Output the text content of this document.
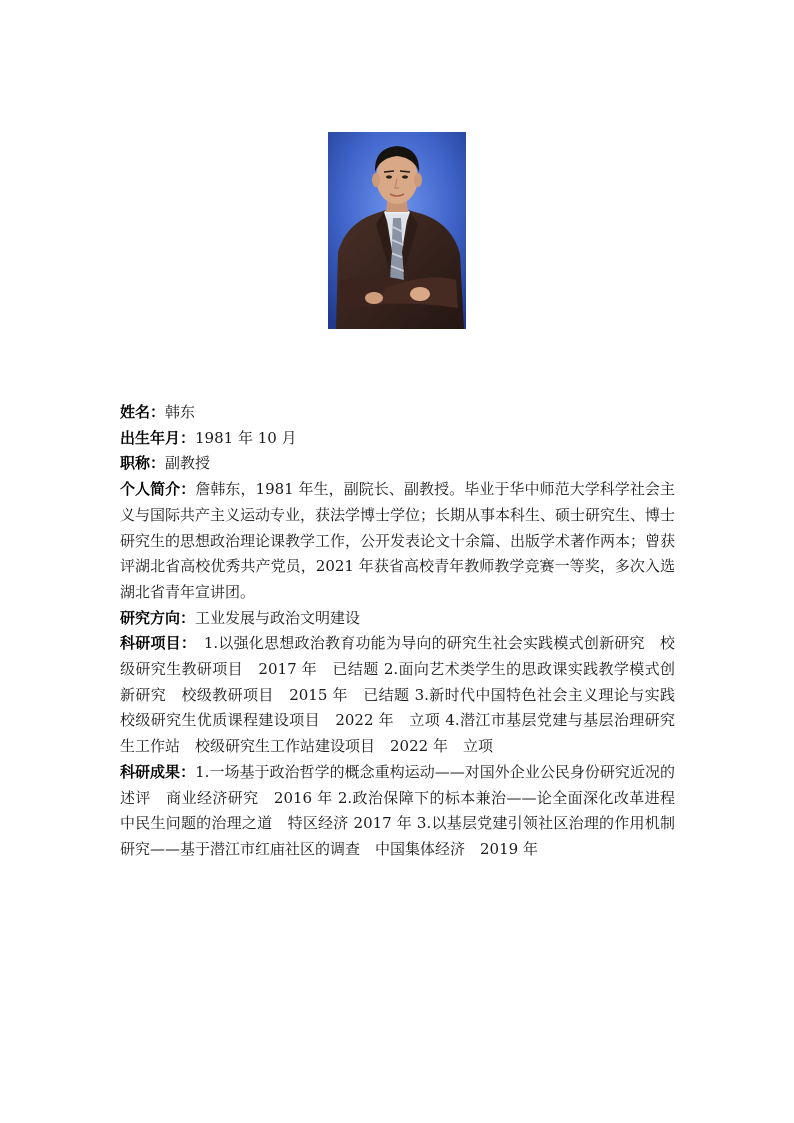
姓名：韩东

出生年月：1981 年 10 月

职称：副教授

个人简介：詹韩东，1981 年生，副院长、副教授。毕业于华中师范大学科学社会主义与国际共产主义运动专业，获法学博士学位；长期从事本科生、硕士研究生、博士研究生的思想政治理论课教学工作，公开发表论文十余篇、出版学术著作两本；曾获评湖北省高校优秀共产党员，2021 年获省高校青年教师教学竞赛一等奖，多次入选湖北省青年宣讲团。

研究方向：工业发展与政治文明建设

科研项目：　1.以强化思想政治教育功能为导向的研究生社会实践模式创新研究　校级研究生教研项目　2017 年　已结题 2.面向艺术类学生的思政课实践教学模式创新研究　校级教研项目　2015 年　已结题 3.新时代中国特色社会主义理论与实践　校级研究生优质课程建设项目　2022 年　立项 4.潜江市基层党建与基层治理研究生工作站　校级研究生工作站建设项目　2022 年　立项

科研成果：1.一场基于政治哲学的概念重构运动——对国外企业公民身份研究近况的述评　商业经济研究　2016 年 2.政治保障下的标本兼治——论全面深化改革进程中民生问题的治理之道　特区经济 2017 年 3.以基层党建引领社区治理的作用机制研究——基于潜江市红庙社区的调查　中国集体经济　2019 年
